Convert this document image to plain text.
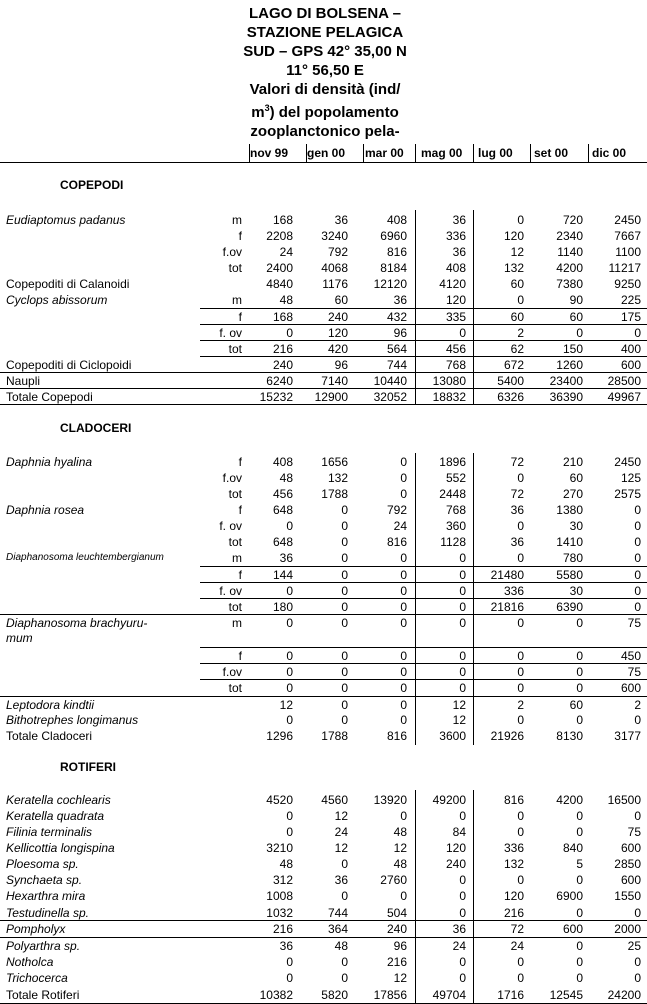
LAGO DI BOLSENA –
STAZIONE PELAGICA
SUD – GPS 42° 35,00 N
11° 56,50 E
Valori di densità (ind/
$m^3$) del popolamento
zooplanctonico pela-
nov 99 gen 00 mar 00 mag 00 lug 00 set 00 dic 00
COPEPODI
Eudiaptomus padanus	m	168	36	408	36	0	720	2450
f 2208 3240	6960	336	120	2340	7667
f.ov	24	792	816	36	12	1140	1100
tot 2400 4068	8184	408	132	4200 11217
Copepoditi di Calanoidi	4840 1176 12120	4120	60	7380	9250
Cyclops abissorum	m	48	60	36	120	0	90	225
f	168	240	432	335	60	60	175
f. ov	0	120	96	0	2	0	0
tot	216	420	564	456	62	150	400
Copepoditi di Ciclopoidi	240	96	744	768	672	1260	600
Naupli	6240 7140 10440 13080	5400 23400 28500
Totale Copepodi	15232 12900 32052 18832	6326 36390 49967
CLADOCERI
Daphnia hyalina	f	408 1656	0	1896	72	210	2450
f.ov	48	132	0	552	0	60	125
tot	456 1788	0	2448	72	270	2575
Daphnia rosea	f	648	0	792	768	36	1380	0
f. ov	0	0	24	360	0	30	0
tot	648	0	816	1128	36	1410	0
Diaphanosoma leuchtembergianum	m	36	0	0	0	0	780	0
f	144	0	0	0 21480	5580	0
f. ov	0	0	0	0	336	30	0
tot	180	0	0	0 21816	6390	0
Diaphanosoma brachyuru-
mum
m	0	0	0	0	0	0	75
f	0	0	0	0	0	0	450
f.ov	0	0	0	0	0	0	75
tot	0	0	0	0	0	0	600
Leptodora kindtii	12	0	0	12	2	60	2
Bithotrephes longimanus	0	0	0	12	0	0	0
Totale Cladoceri	1296 1788	816	3600 21926	8130	3177
ROTIFERI
Keratella cochlearis	4520 4560 13920 49200	816	4200 16500
Keratella quadrata	0	12	0	0	0	0	0
Filinia terminalis	0	24	48	84	0	0	75
Kellicottia longispina	3210	12	12	120	336	840	600
Ploesoma sp.	48	0	48	240	132	5	2850
Synchaeta sp.	312	36	2760	0	0	0	600
Hexarthra mira	1008	0	0	0	120	6900	1550
Testudinella sp.	1032	744	504	0	216	0	0
Pompholyx	216	364	240	36	72	600	2000
Polyarthra sp.	36	48	96	24	24	0	25
Notholca	0	0	216	0	0	0	0
Trichocerca	0	0	12	0	0	0	0
Totale Rotiferi	10382 5820 17856 49704	1716 12545 24200
